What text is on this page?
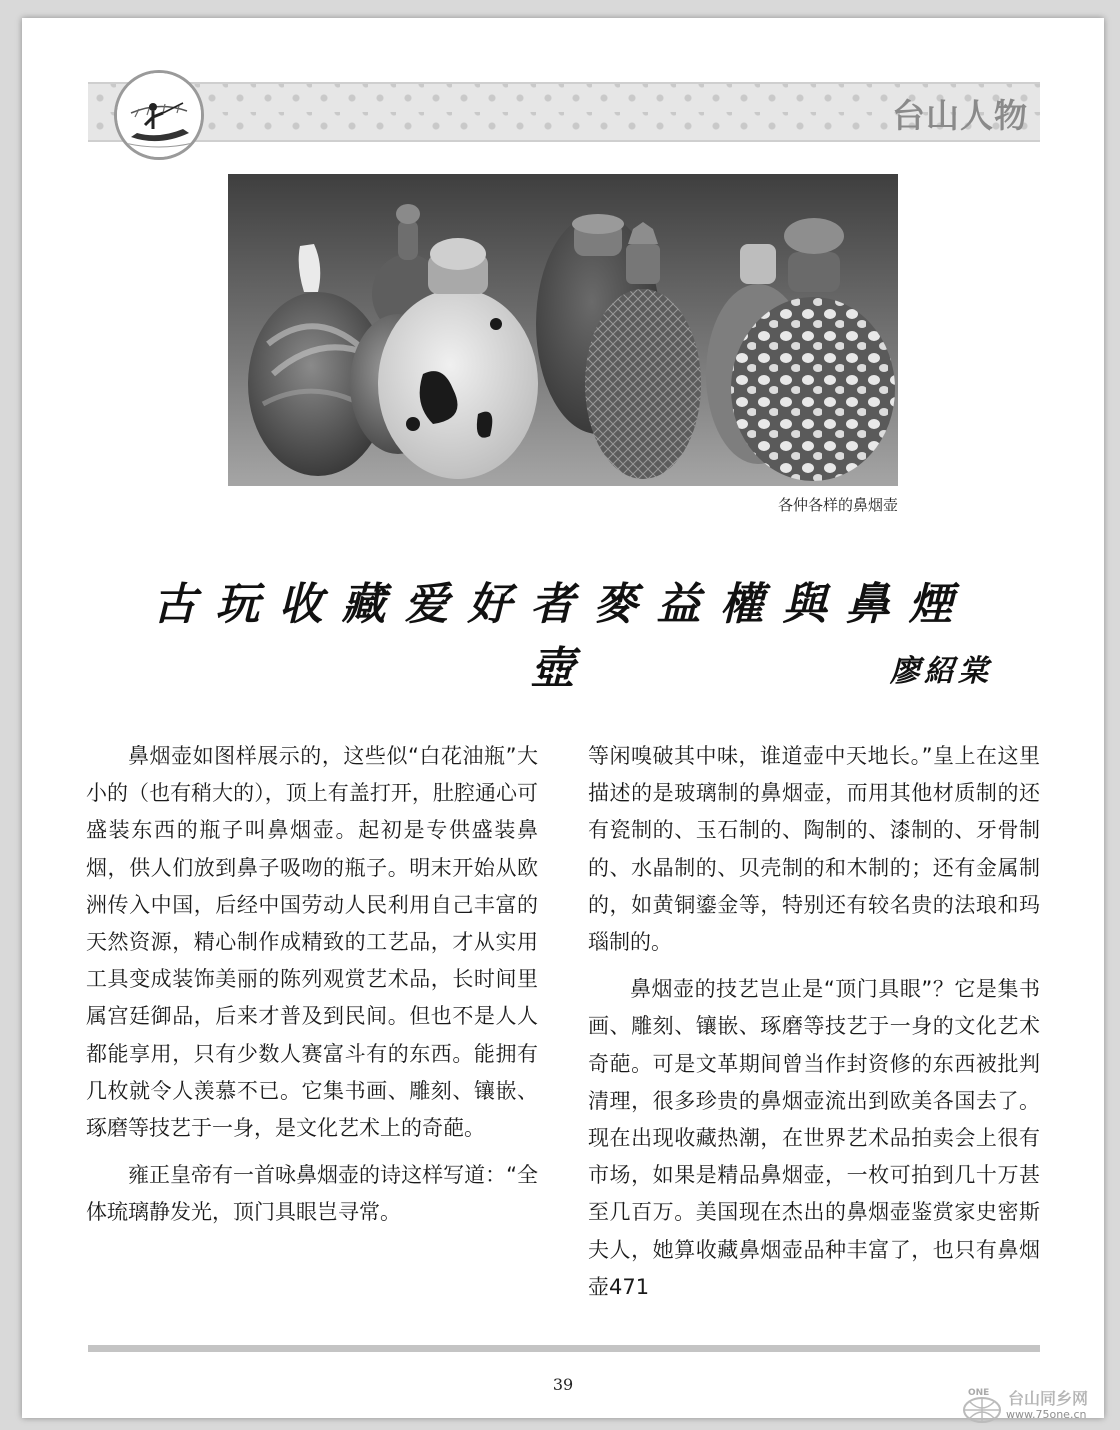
台山人物
各仲各样的鼻烟壶
古玩收藏爱好者麥益權與鼻煙壺	廖紹棠

鼻烟壶如图样展示的，这些似“白花油瓶”大小的（也有稍大的），顶上有盖打开，肚腔通心可盛装东西的瓶子叫鼻烟壶。起初是专供盛装鼻烟，供人们放到鼻子吸吻的瓶子。明末开始从欧洲传入中国，后经中国劳动人民利用自己丰富的天然资源，精心制作成精致的工艺品，才从实用工具变成装饰美丽的陈列观赏艺术品，长时间里属宫廷御品，后来才普及到民间。但也不是人人都能享用，只有少数人赛富斗有的东西。能拥有几枚就令人羡慕不已。它集书画、雕刻、镶嵌、琢磨等技艺于一身，是文化艺术上的奇葩。

雍正皇帝有一首咏鼻烟壶的诗这样写道：“全体琉璃静发光，顶门具眼岂寻常。

等闲嗅破其中味，谁道壶中天地长。”皇上在这里描述的是玻璃制的鼻烟壶，而用其他材质制的还有瓷制的、玉石制的、陶制的、漆制的、牙骨制的、水晶制的、贝壳制的和木制的；还有金属制的，如黄铜鎏金等，特别还有较名贵的法琅和玛瑙制的。

鼻烟壶的技艺岂止是“顶门具眼”？它是集书画、雕刻、镶嵌、琢磨等技艺于一身的文化艺术奇葩。可是文革期间曾当作封资修的东西被批判清理，很多珍贵的鼻烟壶流出到欧美各国去了。现在出现收藏热潮，在世界艺术品拍卖会上很有市场，如果是精品鼻烟壶，一枚可拍到几十万甚至几百万。美国现在杰出的鼻烟壶鉴赏家史密斯夫人，她算收藏鼻烟壶品种丰富了，也只有鼻烟壶471

39	ONE 台山同乡网
www.75one.cn
